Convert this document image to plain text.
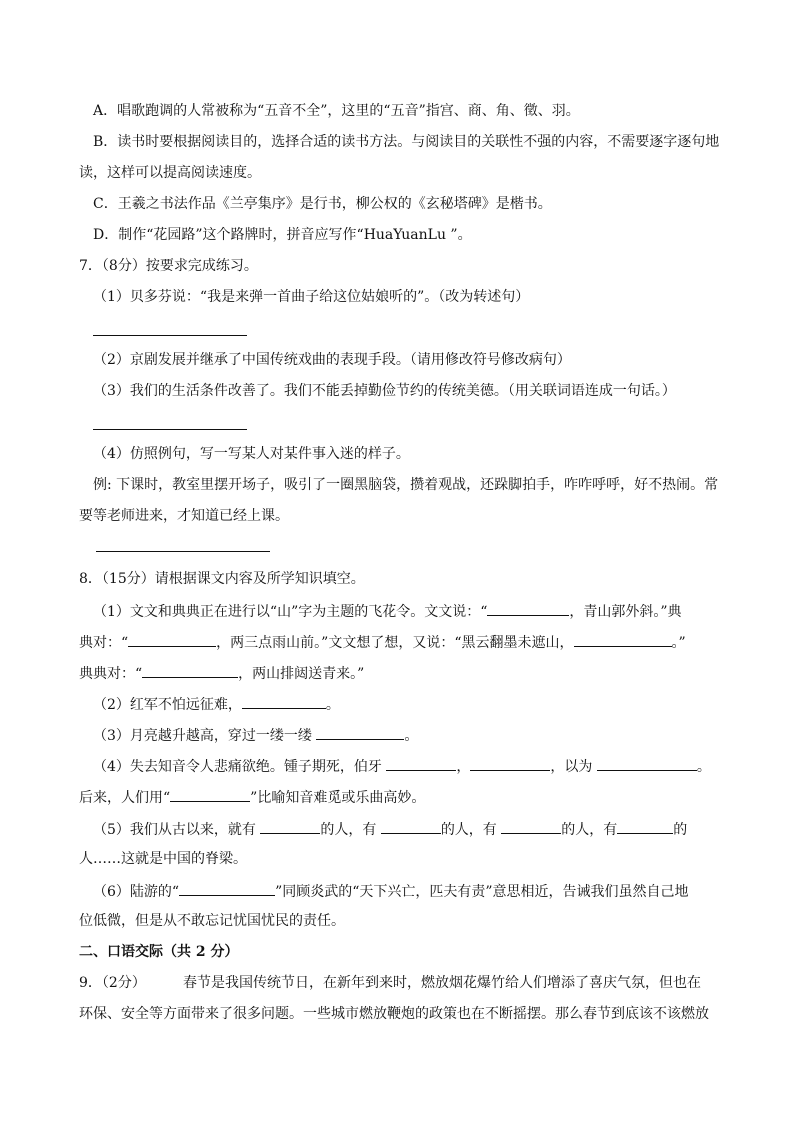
A．唱歌跑调的人常被称为“五音不全”，这里的“五音”指宫、商、角、徵、羽。
B．读书时要根据阅读目的，选择合适的读书方法。与阅读目的关联性不强的内容，不需要逐字逐句地
读，这样可以提高阅读速度。
C．王羲之书法作品《兰亭集序》是行书，柳公权的《玄秘塔碑》是楷书。
D．制作“花园路”这个路牌时，拼音应写作“HuaYuanLu ”。
7．（8分）按要求完成练习。
（1）贝多芬说：“我是来弹一首曲子给这位姑娘听的”。（改为转述句）
（2）京剧发展并继承了中国传统戏曲的表现手段。（请用修改符号修改病句）
（3）我们的生活条件改善了。我们不能丢掉勤俭节约的传统美德。（用关联词语连成一句话。）
（4）仿照例句，写一写某人对某件事入迷的样子。
例: 下课时，教室里摆开场子，吸引了一圈黑脑袋，攒着观战，还跺脚拍手，咋咋呼呼，好不热闹。常
要等老师进来，才知道已经上课。
8．（15分）请根据课文内容及所学知识填空。
（1）文文和典典正在进行以“山”字为主题的飞花令。文文说：“	，青山郭外斜。”典
典对：“	，两三点雨山前。”文文想了想，又说：“黑云翻墨未遮山，	。”
典典对：“	，两山排闼送青来。”
（2）红军不怕远征难，	。
（3）月亮越升越高，穿过一缕一缕	。
（4）失去知音令人悲痛欲绝。锺子期死，伯牙	，	，以为	。
后来，人们用“	”比喻知音难觅或乐曲高妙。
（5）我们从古以来，就有	的人，有	的人，有	的人，有	的
人……这就是中国的脊梁。
（6）陆游的“	”同顾炎武的“天下兴亡，匹夫有责”意思相近，告诫我们虽然自己地
位低微，但是从不敢忘记忧国忧民的责任。
二、口语交际（共 2 分）
9．（2分）	春节是我国传统节日，在新年到来时，燃放烟花爆竹给人们增添了喜庆气氛，但也在
环保、安全等方面带来了很多问题。一些城市燃放鞭炮的政策也在不断摇摆。那么春节到底该不该燃放
